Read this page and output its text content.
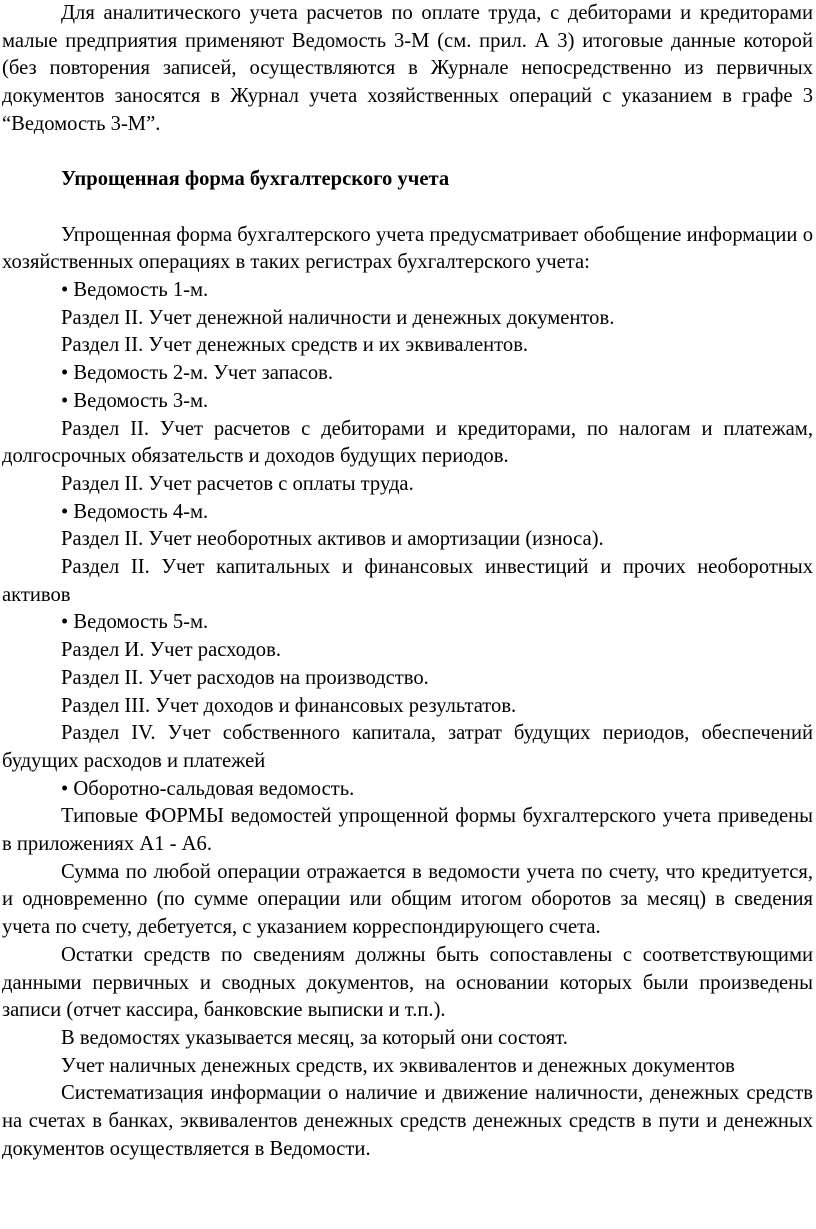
Для аналитического учета расчетов по оплате труда, с дебиторами и кредиторами малые предприятия применяют Ведомость 3-М (см. прил. А 3) итоговые данные которой (без повторения записей, осуществляются в Журнале непосредственно из первичных документов заносятся в Журнал учета хозяйственных операций с указанием в графе 3 “Ведомость 3-М”.

Упрощенная форма бухгалтерского учета

Упрощенная форма бухгалтерского учета предусматривает обобщение информации о хозяйственных операциях в таких регистрах бухгалтерского учета:

• Ведомость 1-м.

Раздел II. Учет денежной наличности и денежных документов.

Раздел II. Учет денежных средств и их эквивалентов.

• Ведомость 2-м. Учет запасов.

• Ведомость 3-м.

Раздел II. Учет расчетов с дебиторами и кредиторами, по налогам и платежам, долгосрочных обязательств и доходов будущих периодов.

Раздел II. Учет расчетов с оплаты труда.

• Ведомость 4-м.

Раздел II. Учет необоротных активов и амортизации (износа).

Раздел II. Учет капитальных и финансовых инвестиций и прочих необоротных активов

• Ведомость 5-м.

Раздел И. Учет расходов.

Раздел II. Учет расходов на производство.

Раздел III. Учет доходов и финансовых результатов.

Раздел IV. Учет собственного капитала, затрат будущих периодов, обеспечений будущих расходов и платежей

• Оборотно-сальдовая ведомость.

Типовые ФОРМЫ ведомостей упрощенной формы бухгалтерского учета приведены в приложениях А1 - А6.

Сумма по любой операции отражается в ведомости учета по счету, что кредитуется, и одновременно (по сумме операции или общим итогом оборотов за месяц) в сведения учета по счету, дебетуется, с указанием корреспондирующего счета.

Остатки средств по сведениям должны быть сопоставлены с соответствующими данными первичных и сводных документов, на основании которых были произведены записи (отчет кассира, банковские выписки и т.п.).

В ведомостях указывается месяц, за который они состоят.

Учет наличных денежных средств, их эквивалентов и денежных документов

Систематизация информации о наличие и движение наличности, денежных средств на счетах в банках, эквивалентов денежных средств денежных средств в пути и денежных документов осуществляется в Ведомости.
